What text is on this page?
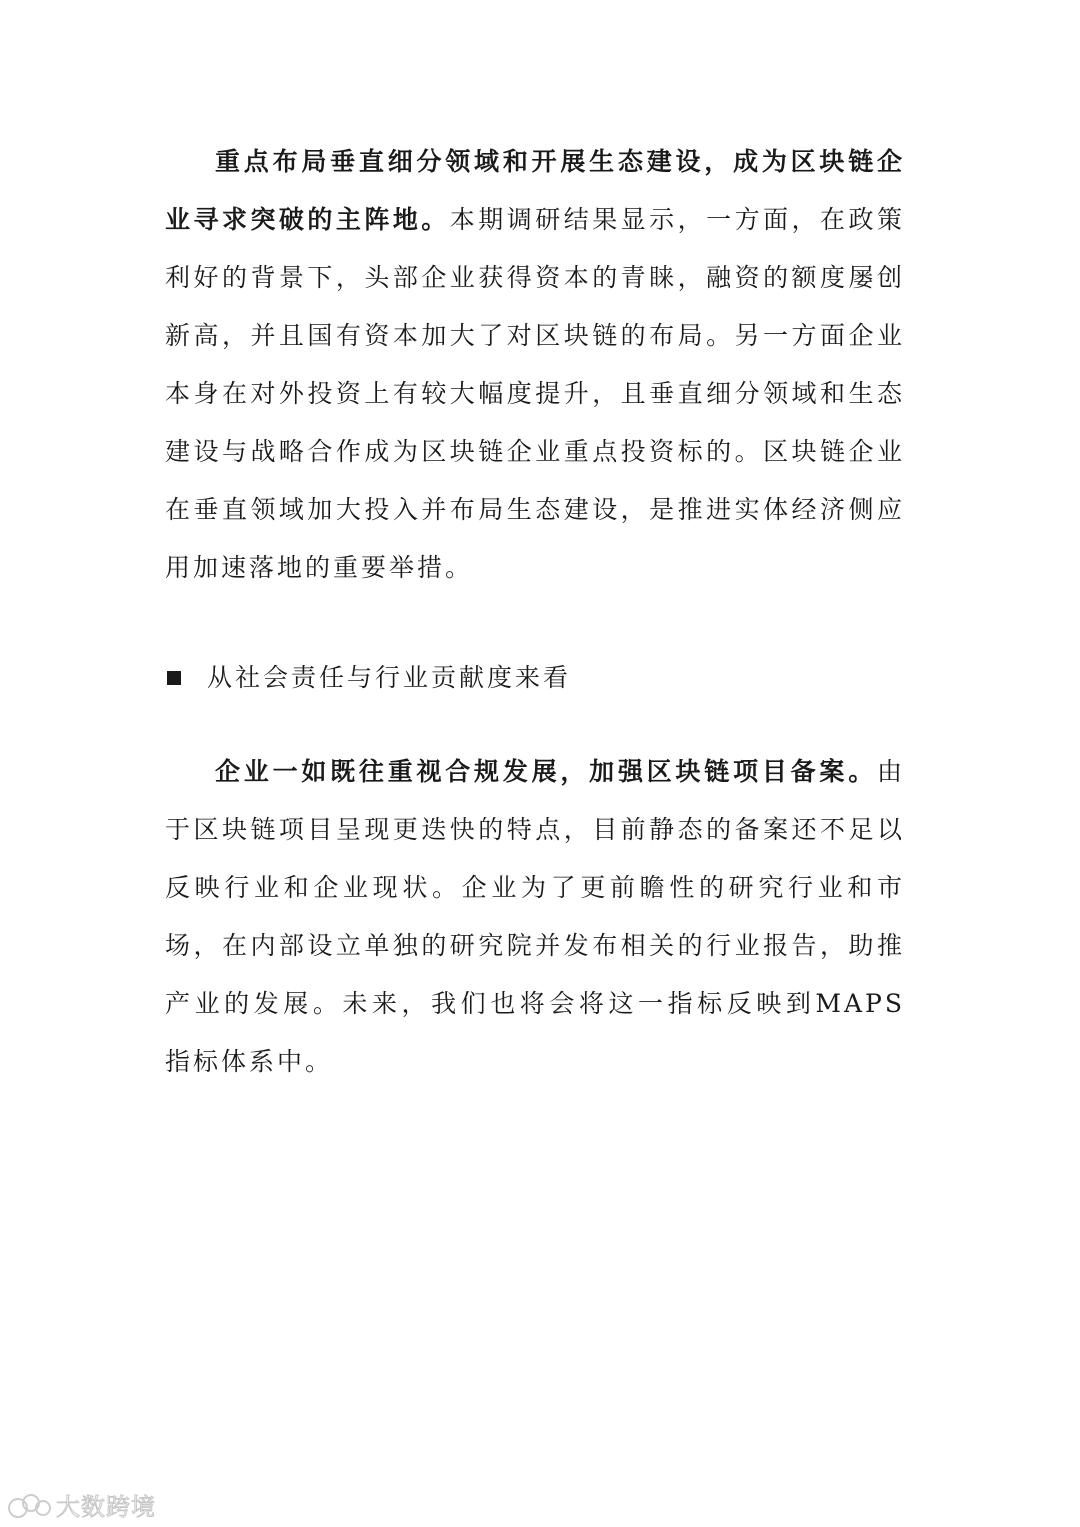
重点布局垂直细分领域和开展生态建设，成为区块链企业寻求突破的主阵地。本期调研结果显示，一方面，在政策利好的背景下，头部企业获得资本的青睐，融资的额度屡创新高，并且国有资本加大了对区块链的布局。另一方面企业本身在对外投资上有较大幅度提升，且垂直细分领域和生态建设与战略合作成为区块链企业重点投资标的。区块链企业在垂直领域加大投入并布局生态建设，是推进实体经济侧应用加速落地的重要举措。

从社会责任与行业贡献度来看

企业一如既往重视合规发展，加强区块链项目备案。由于区块链项目呈现更迭快的特点，目前静态的备案还不足以反映行业和企业现状。企业为了更前瞻性的研究行业和市场，在内部设立单独的研究院并发布相关的行业报告，助推产业的发展。未来，我们也将会将这一指标反映到MAPS 指标体系中。

大数跨境
